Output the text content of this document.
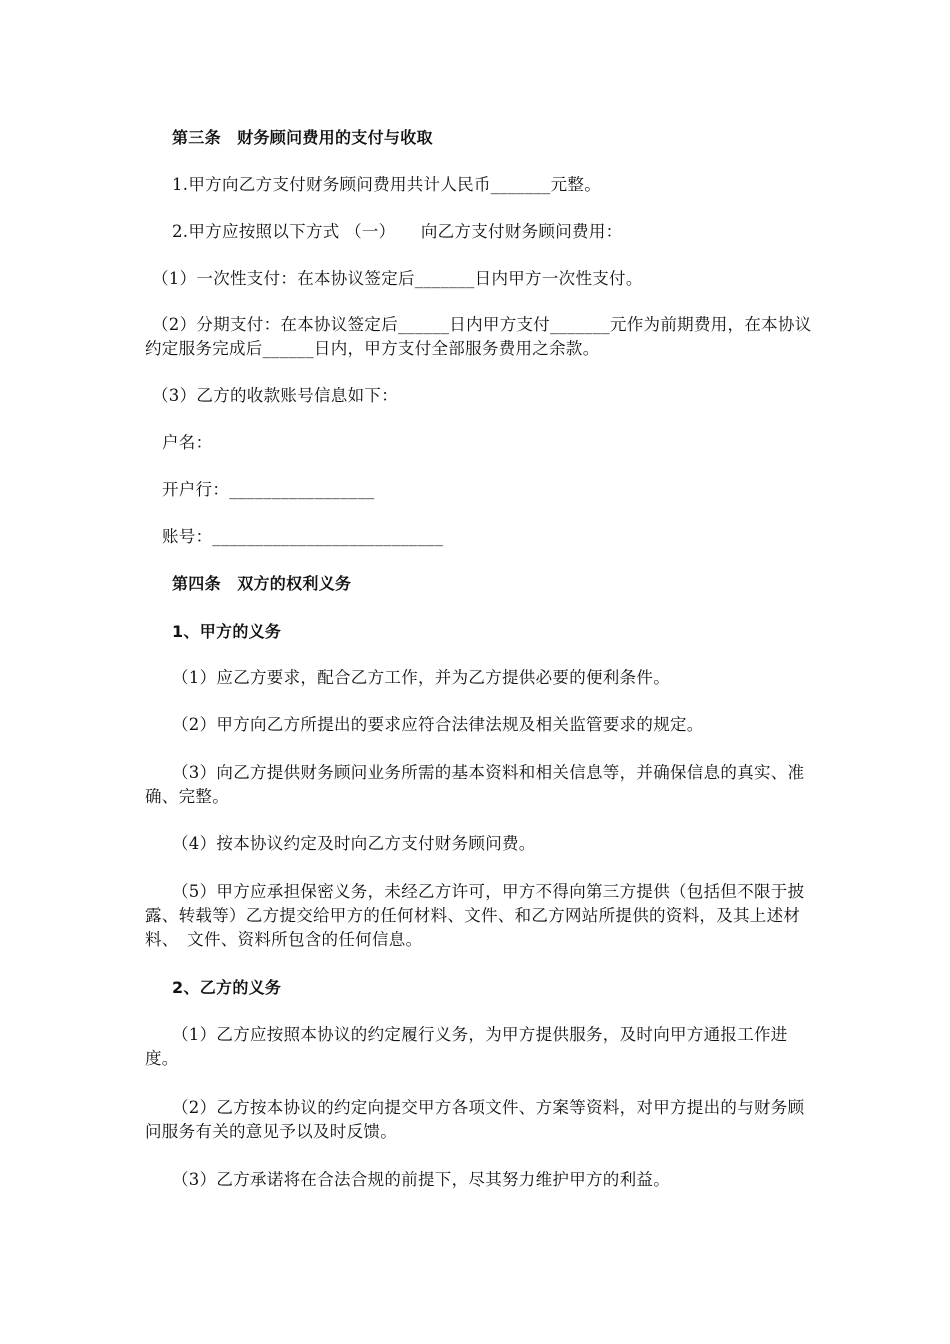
第三条　财务顾问费用的支付与收取
1.甲方向乙方支付财务顾问费用共计人民币_______元整。
2.甲方应按照以下方式 （一）　　向乙方支付财务顾问费用：
（1）一次性支付：在本协议签定后_______日内甲方一次性支付。
（2）分期支付：在本协议签定后______日内甲方支付_______元作为前期费用，在本协议约定服务完成后______日内，甲方支付全部服务费用之余款。
（3）乙方的收款账号信息如下：
户名：
开户行：_________________
账号：___________________________
第四条　双方的权利义务
1、甲方的义务
（1）应乙方要求，配合乙方工作，并为乙方提供必要的便利条件。
（2）甲方向乙方所提出的要求应符合法律法规及相关监管要求的规定。
（3）向乙方提供财务顾问业务所需的基本资料和相关信息等，并确保信息的真实、准确、完整。
（4）按本协议约定及时向乙方支付财务顾问费。
（5）甲方应承担保密义务，未经乙方许可，甲方不得向第三方提供（包括但不限于披露、转载等）乙方提交给甲方的任何材料、文件、和乙方网站所提供的资料，及其上述材料、　文件、资料所包含的任何信息。
2、乙方的义务
（1）乙方应按照本协议的约定履行义务，为甲方提供服务，及时向甲方通报工作进度。
（2）乙方按本协议的约定向提交甲方各项文件、方案等资料，对甲方提出的与财务顾问服务有关的意见予以及时反馈。
（3）乙方承诺将在合法合规的前提下，尽其努力维护甲方的利益。
